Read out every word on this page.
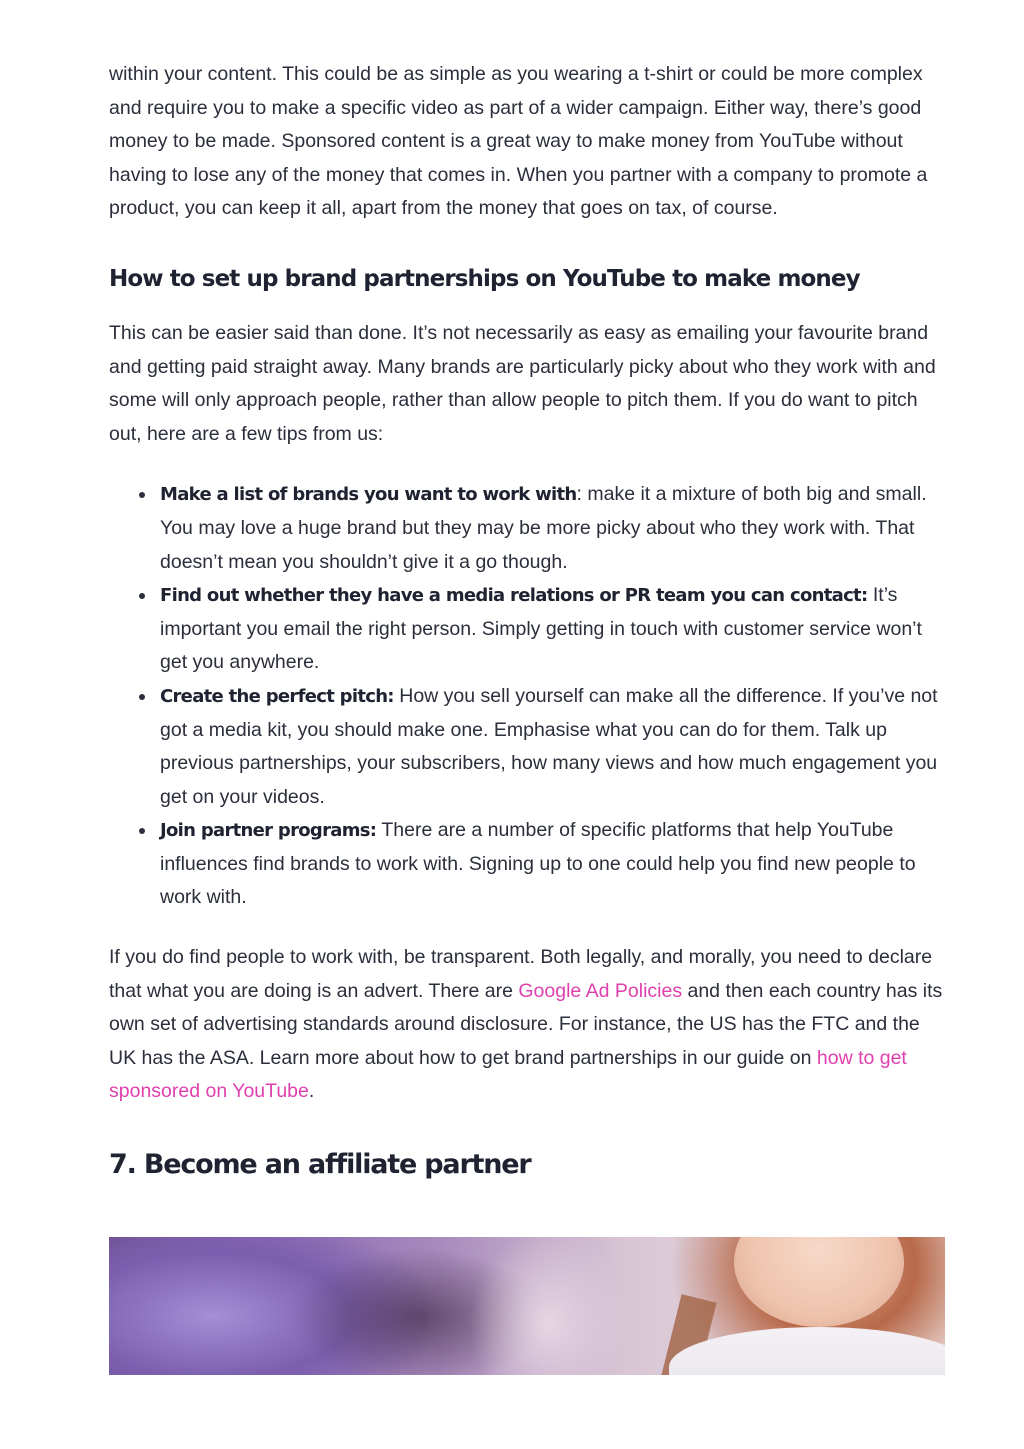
within your content. This could be as simple as you wearing a t-shirt or could be more complex and require you to make a specific video as part of a wider campaign. Either way, there’s good money to be made. Sponsored content is a great way to make money from YouTube without having to lose any of the money that comes in. When you partner with a company to promote a product, you can keep it all, apart from the money that goes on tax, of course.

How to set up brand partnerships on YouTube to make money

This can be easier said than done. It’s not necessarily as easy as emailing your favourite brand and getting paid straight away. Many brands are particularly picky about who they work with and some will only approach people, rather than allow people to pitch them. If you do want to pitch out, here are a few tips from us:

Make a list of brands you want to work with: make it a mixture of both big and small. You may love a huge brand but they may be more picky about who they work with. That doesn’t mean you shouldn’t give it a go though.
Find out whether they have a media relations or PR team you can contact: It’s important you email the right person. Simply getting in touch with customer service won’t get you anywhere.
Create the perfect pitch: How you sell yourself can make all the difference. If you’ve not got a media kit, you should make one. Emphasise what you can do for them. Talk up previous partnerships, your subscribers, how many views and how much engagement you get on your videos.
Join partner programs: There are a number of specific platforms that help YouTube influences find brands to work with. Signing up to one could help you find new people to work with.

If you do find people to work with, be transparent. Both legally, and morally, you need to declare that what you are doing is an advert. There are Google Ad Policies and then each country has its own set of advertising standards around disclosure. For instance, the US has the FTC and the UK has the ASA. Learn more about how to get brand partnerships in our guide on how to get sponsored on YouTube.

7. Become an affiliate partner
